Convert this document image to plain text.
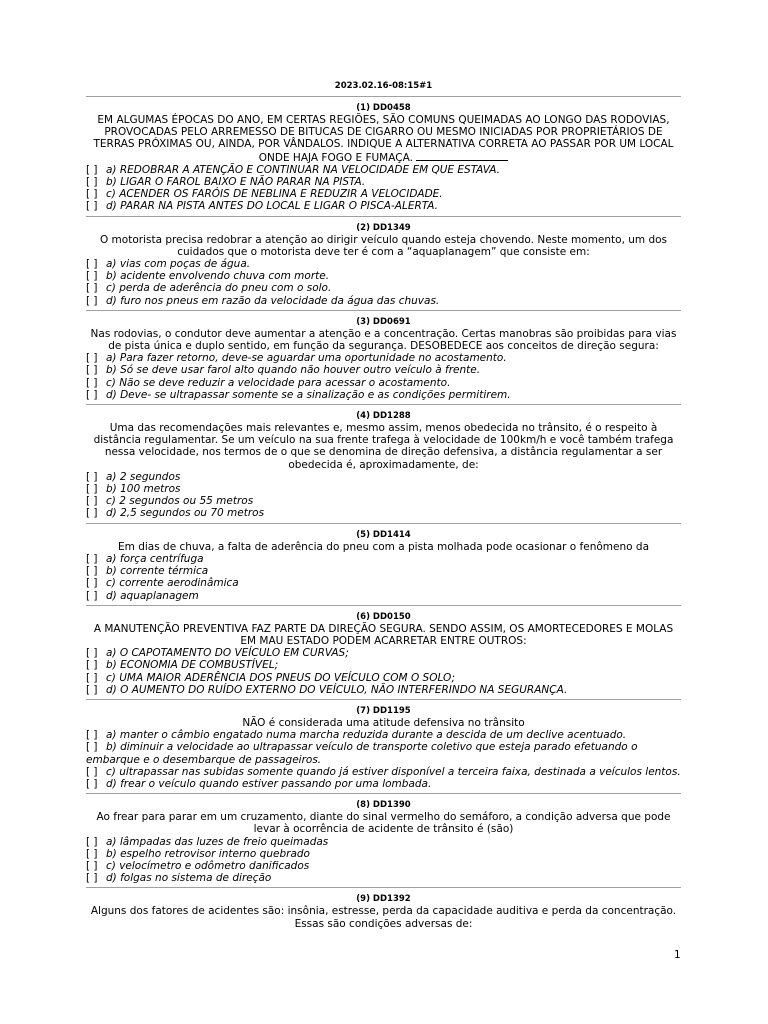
2023.02.16-08:15#1
(1) DD0458
EM ALGUMAS ÉPOCAS DO ANO, EM CERTAS REGIÕES, SÃO COMUNS QUEIMADAS AO LONGO DAS RODOVIAS, PROVOCADAS PELO ARREMESSO DE BITUCAS DE CIGARRO OU MESMO INICIADAS POR PROPRIETÁRIOS DE TERRAS PRÓXIMAS OU, AINDA, POR VÂNDALOS. INDIQUE A ALTERNATIVA CORRETA AO PASSAR POR UM LOCAL ONDE HAJA FOGO E FUMAÇA.
[ ] a) REDOBRAR A ATENÇÃO E CONTINUAR NA VELOCIDADE EM QUE ESTAVA.
[ ] b) LIGAR O FAROL BAIXO E NÃO PARAR NA PISTA.
[ ] c) ACENDER OS FARÓIS DE NEBLINA E REDUZIR A VELOCIDADE.
[ ] d) PARAR NA PISTA ANTES DO LOCAL E LIGAR O PISCA-ALERTA.
(2) DD1349
O motorista precisa redobrar a atenção ao dirigir veículo quando esteja chovendo. Neste momento, um dos cuidados que o motorista deve ter é com a “aquaplanagem” que consiste em:
[ ] a) vias com poças de água.
[ ] b) acidente envolvendo chuva com morte.
[ ] c) perda de aderência do pneu com o solo.
[ ] d) furo nos pneus em razão da velocidade da água das chuvas.
(3) DD0691
Nas rodovias, o condutor deve aumentar a atenção e a concentração. Certas manobras são proibidas para vias de pista única e duplo sentido, em função da segurança. DESOBEDECE aos conceitos de direção segura:
[ ] a) Para fazer retorno, deve-se aguardar uma oportunidade no acostamento.
[ ] b) Só se deve usar farol alto quando não houver outro veículo à frente.
[ ] c) Não se deve reduzir a velocidade para acessar o acostamento.
[ ] d) Deve- se ultrapassar somente se a sinalização e as condições permitirem.
(4) DD1288
Uma das recomendações mais relevantes e, mesmo assim, menos obedecida no trânsito, é o respeito à distância regulamentar. Se um veículo na sua frente trafega à velocidade de 100km/h e você também trafega nessa velocidade, nos termos de o que se denomina de direção defensiva, a distância regulamentar a ser obedecida é, aproximadamente, de:
[ ] a) 2 segundos
[ ] b) 100 metros
[ ] c) 2 segundos ou 55 metros
[ ] d) 2,5 segundos ou 70 metros
(5) DD1414
Em dias de chuva, a falta de aderência do pneu com a pista molhada pode ocasionar o fenômeno da
[ ] a) força centrífuga
[ ] b) corrente térmica
[ ] c) corrente aerodinâmica
[ ] d) aquaplanagem
(6) DD0150
A MANUTENÇÃO PREVENTIVA FAZ PARTE DA DIREÇÃO SEGURA. SENDO ASSIM, OS AMORTECEDORES E MOLAS EM MAU ESTADO PODEM ACARRETAR ENTRE OUTROS:
[ ] a) O CAPOTAMENTO DO VEÍCULO EM CURVAS;
[ ] b) ECONOMIA DE COMBUSTÍVEL;
[ ] c) UMA MAIOR ADERÊNCIA DOS PNEUS DO VEÍCULO COM O SOLO;
[ ] d) O AUMENTO DO RUÍDO EXTERNO DO VEÍCULO, NÃO INTERFERINDO NA SEGURANÇA.
(7) DD1195
NÃO é considerada uma atitude defensiva no trânsito
[ ] a) manter o câmbio engatado numa marcha reduzida durante a descida de um declive acentuado.
[ ] b) diminuir a velocidade ao ultrapassar veículo de transporte coletivo que esteja parado efetuando o embarque e o desembarque de passageiros.
[ ] c) ultrapassar nas subidas somente quando já estiver disponível a terceira faixa, destinada a veículos lentos.
[ ] d) frear o veículo quando estiver passando por uma lombada.
(8) DD1390
Ao frear para parar em um cruzamento, diante do sinal vermelho do semáforo, a condição adversa que pode levar à ocorrência de acidente de trânsito é (são)
[ ] a) lâmpadas das luzes de freio queimadas
[ ] b) espelho retrovisor interno quebrado
[ ] c) velocímetro e odômetro danificados
[ ] d) folgas no sistema de direção
(9) DD1392
Alguns dos fatores de acidentes são: insônia, estresse, perda da capacidade auditiva e perda da concentração. Essas são condições adversas de:
1
